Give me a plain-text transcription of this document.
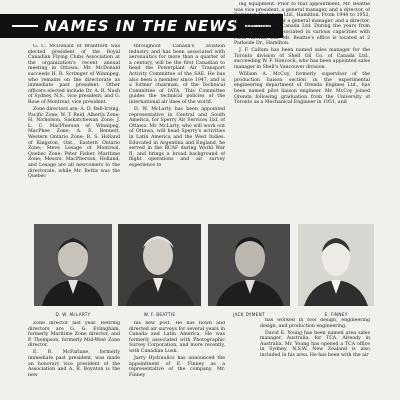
NAMES IN THE NEWS

G. C. McDonald of Brantford was elected president of the Royal Canadian Flying Clubs Association at the organization's recent annual meeting in Ottawa. Mr. McDonald succeeds H. R. Scrimger of Winnipeg, who remains on the directorate as immediate past president. Other officers elected include Dr. A. R. Nash of Sydney, N.S., vice president; and G. Rose of Montreal, vice president.

Zone directors are: A. D. Bell-Irving, Pacific Zone; W. T. Reid, Alberta Zone; H. Nicholson, Saskatchewan Zone; J. L. C. MacPherson of Winnipeg, MacPhee Zone; A. E. Bennett, Western Ontario Zone; R. S. Holland of Kingston, Ont., Eastern Ontario Zone; Steve Lesage of Montreal, Quebec Zone; Peter Fisher, Maritime Zone; Messrs. MacPherson, Holland, and Lesage are all newcomers to the directorate, while Mr. Bettis was the Quebec

throughout Canada's aviation industry and has been associated with aeronautics for more than a quarter of a century, will be the first Canadian to head the Powerplant Air Transport Activity Committee of the SAE. He has also been a member since 1947, and is a former chairman, of the Technical Committee of IATA. This Committee guides the technical policies of the international air lines of the world.

D. W. McLarty has been appointed representative in Central and South America, for Sperry Air Services Ltd. of Ottawa. Mr. McLarty, who will work out of Ottawa, will head Sperry's activities in Latin America and the West Indies. Educated in Argentina and England, he served in the RCAF during World War II, and brings a broad background of flight operations and air survey experience to

ing equipment. Prior to that appointment, Mr. Beattie was vice president, a general manager, and a director, of Dominion Fasteners Ltd., Hamilton. From 1944 to 1952, he was vice president a general manager, and a director, of Wales-Trippe of Canada Ltd. During the years from 1940-44, he was associated in various capacities with Fleet Aircraft Ltd. Mr. Beattie's office is located at 2 Parkside Dr., Hamilton.

J. F. Callum has been named sales manager for the Toronto division of Shell Oil Co. of Canada Ltd., succeeding W. F. Hancock, who has been appointed sales manager in Shell's Vancouver division.

William A. McCoy, formerly supervisor of the production liaison section in the experimental engineering department of Orenda Engines Ltd., has been named pilot liaison engineer. Mr. McCoy joined Orenda following graduation from the University of Toronto as a Mechanical Engineer in 1951, and

D. W. McLARTY	W. F. BEATTIE	JACK DYMENT	E. FINNEY

Zone director last year. Retiring directors are G. G. Evlingham, formerly Maritime Zone director, and P. Thompson, formerly Mid-West Zone director.

E. R. McFarlane, formerly immediate past president, was made an honorary vice president of the Association and A. R. Boynton is the new

his new post. He has flown and directed air surveys for several years in Canada and Latin America. He was formerly associated with Photographic Survey Corporation, and more recently, with Canadian Lusk.

Jarry Hydraulics has announced the appointment of E. Finney as a representative of the company. Mr. Finney

has worked in tool design, engineering design, and production engineering.

David E. Young has been named area sales manager, Australia, for TCA. Already in Australia, Mr. Young has opened a TCA office in Sydney, N.S.W. New Zealand is also included in his area. He has been with the air
